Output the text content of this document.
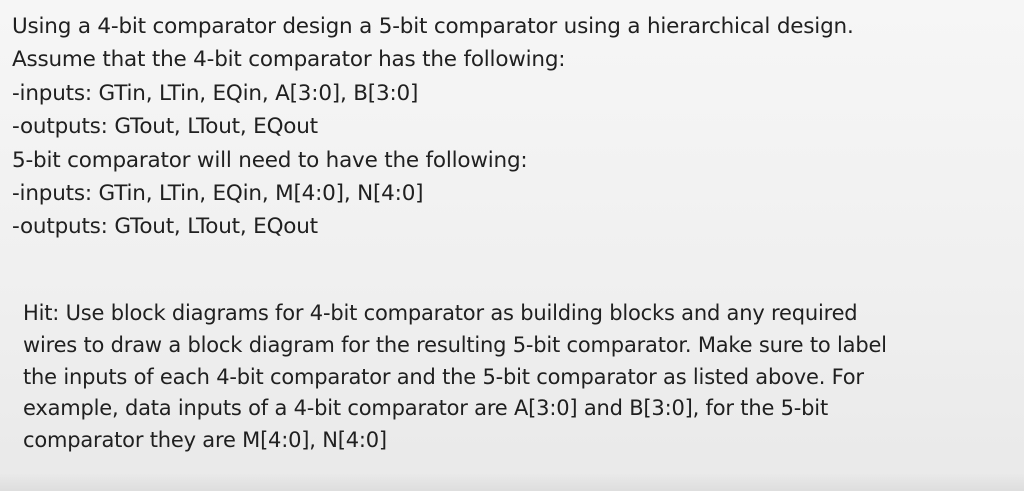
Using a 4-bit comparator design a 5-bit comparator using a hierarchical design.
Assume that the 4-bit comparator has the following:
-inputs: GTin, LTin, EQin, A[3:0], B[3:0]
-outputs: GTout, LTout, EQout
5-bit comparator will need to have the following:
-inputs: GTin, LTin, EQin, M[4:0], N[4:0]
-outputs: GTout, LTout, EQout
Hit: Use block diagrams for 4-bit comparator as building blocks and any required
wires to draw a block diagram for the resulting 5-bit comparator. Make sure to label
the inputs of each 4-bit comparator and the 5-bit comparator as listed above. For
example, data inputs of a 4-bit comparator are A[3:0] and B[3:0], for the 5-bit
comparator they are M[4:0], N[4:0]
